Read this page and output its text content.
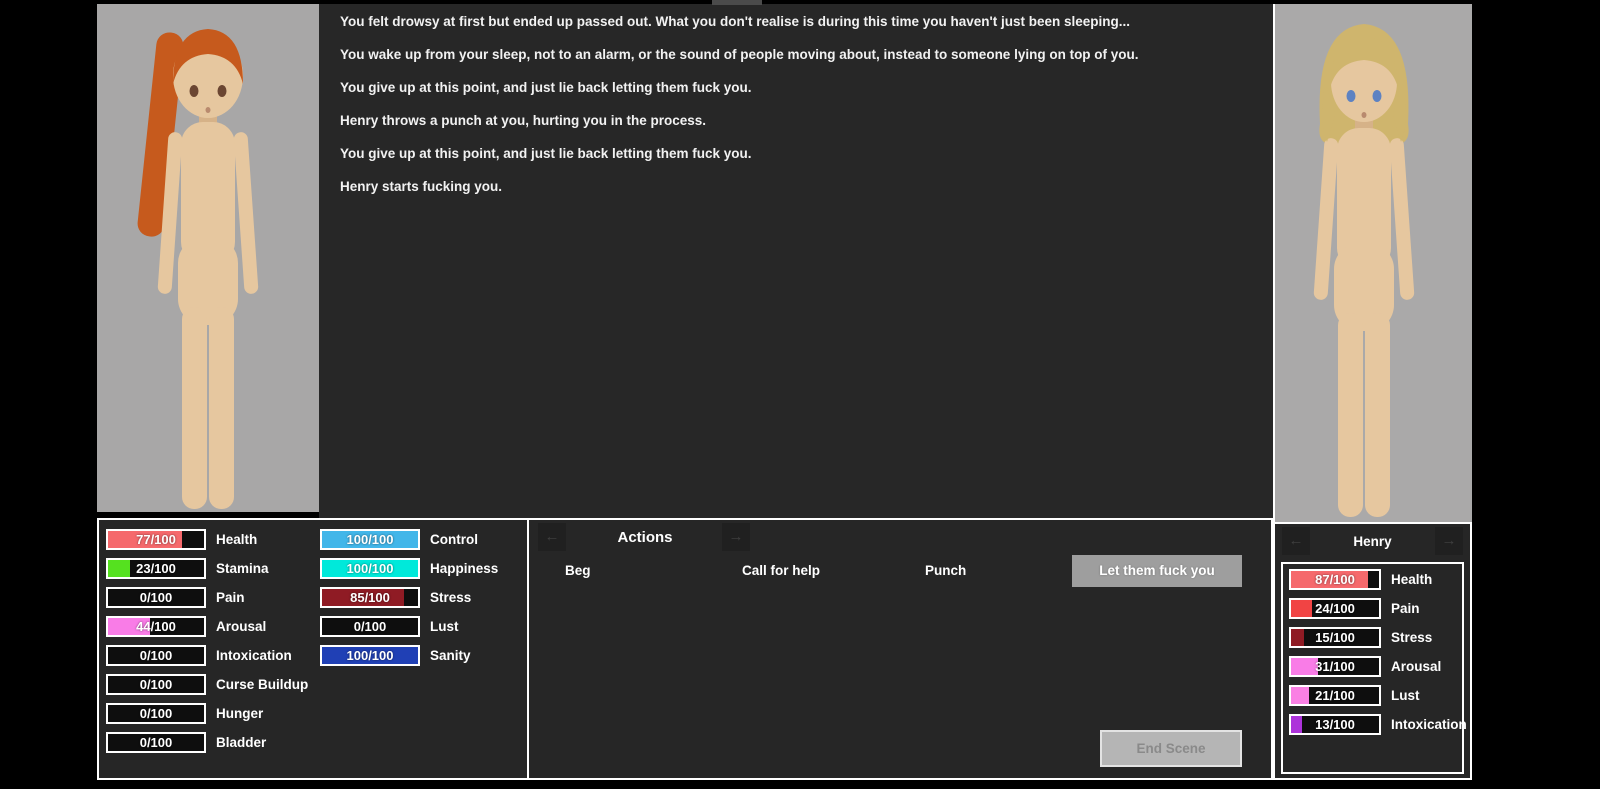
You felt drowsy at first but ended up passed out. What you don't realise is during this time you haven't just been sleeping...

You wake up from your sleep, not to an alarm, or the sound of people moving about, instead to someone lying on top of you.

You give up at this point, and just lie back letting them fuck you.

Henry throws a punch at you, hurting you in the process.

You give up at this point, and just lie back letting them fuck you.

Henry starts fucking you.

77/100	Health
23/100	Stamina
0/100	Pain
44/100	Arousal
0/100	Intoxication
0/100	Curse Buildup
0/100	Hunger
0/100	Bladder
100/100	Control
100/100	Happiness
85/100	Stress
0/100	Lust
100/100	Sanity
←	Actions	→
Beg	Call for help	Punch	Let them fuck you
End Scene
←	Henry	→
87/100	Health
24/100	Pain
15/100	Stress
31/100	Arousal
21/100	Lust
13/100	Intoxication
